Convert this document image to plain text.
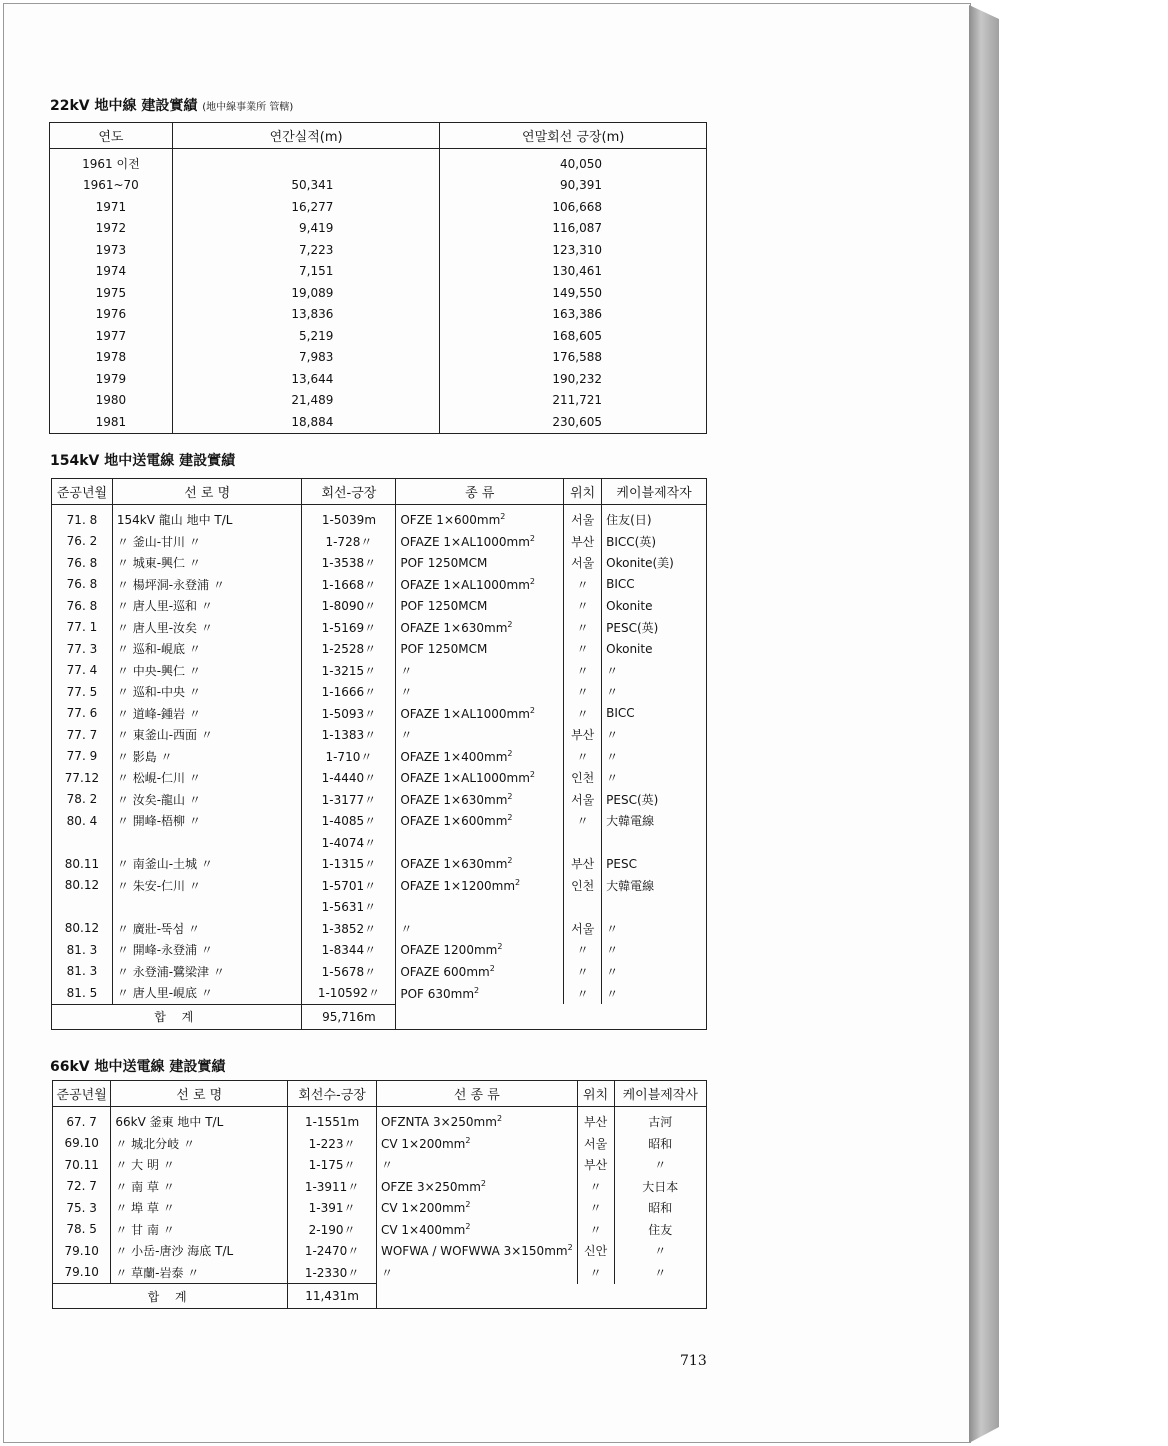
22kV 地中線 建設實績 (地中線事業所 管轄)
연도	연간실적(m)	연말회선 긍장(m)
1961 이전		40,050
1961~70	50,341	90,391
1971	16,277	106,668
1972	9,419	116,087
1973	7,223	123,310
1974	7,151	130,461
1975	19,089	149,550
1976	13,836	163,386
1977	5,219	168,605
1978	7,983	176,588
1979	13,644	190,232
1980	21,489	211,721
1981	18,884	230,605
154kV 地中送電線 建設實績
준공년월	선 로 명	회선-긍장	종 류	위치	케이블제작자
71. 8	154kV 龍山 地中 T/L	1-5039m	OFZE $1\times 600mm^2$	서울	住友(日)
76. 2	〃 釜山-甘川 〃	1-728〃	OFAZE $1\times AL1000mm^2$	부산	BICC(英)
76. 8	〃 城東-興仁 〃	1-3538〃	POF 1250MCM	서울	Okonite(美)
76. 8	〃 楊坪洞-永登浦 〃	1-1668〃	OFAZE $1\times AL1000mm^2$	〃	BICC
76. 8	〃 唐人里-巡和 〃	1-8090〃	POF 1250MCM	〃	Okonite
77. 1	〃 唐人里-汝矣 〃	1-5169〃	OFAZE $1\times 630mm^2$	〃	PESC(英)
77. 3	〃 巡和-峴底 〃	1-2528〃	POF 1250MCM	〃	Okonite
77. 4	〃 中央-興仁 〃	1-3215〃	〃	〃	〃
77. 5	〃 巡和-中央 〃	1-1666〃	〃	〃	〃
77. 6	〃 道峰-鍾岩 〃	1-5093〃	OFAZE $1\times AL1000mm^2$	〃	BICC
77. 7	〃 東釜山-西面 〃	1-1383〃	〃	부산	〃
77. 9	〃 影島 〃	1-710〃	OFAZE $1\times 400mm^2$	〃	〃
77.12	〃 松峴-仁川 〃	1-4440〃	OFAZE $1\times AL1000mm^2$	인천	〃
78. 2	〃 汝矣-龍山 〃	1-3177〃	OFAZE $1\times 630mm^2$	서울	PESC(英)
80. 4	〃 開峰-梧柳 〃	1-4085〃	OFAZE $1\times 600mm^2$	〃	大韓電線
		1-4074〃			
80.11	〃 南釜山-土城 〃	1-1315〃	OFAZE $1\times 630mm^2$	부산	PESC
80.12	〃 朱安-仁川 〃	1-5701〃	OFAZE $1\times 1200mm^2$	인천	大韓電線
		1-5631〃			
80.12	〃 廣壯-뚝섬 〃	1-3852〃	〃	서울	〃
81. 3	〃 開峰-永登浦 〃	1-8344〃	OFAZE $1200mm^2$	〃	〃
81. 3	〃 永登浦-鷺梁津 〃	1-5678〃	OFAZE $600mm^2$	〃	〃
81. 5	〃 唐人里-峴底 〃	1-10592〃	POF $630mm^2$	〃	〃
합 계		95,716m			
66kV 地中送電線 建設實績
준공년월	선 로 명	회선수-긍장	선 종 류	위치	케이블제작사
67. 7	66kV 釜東 地中 T/L	1-1551m	OFZNTA $3\times 250mm^2$	부산	古河
69.10	〃 城北分岐 〃	1-223〃	CV $1\times 200mm^2$	서울	昭和
70.11	〃 大 明 〃	1-175〃	〃	부산	〃
72. 7	〃 南 草 〃	1-3911〃	OFZE $3\times 250mm^2$	〃	大日本
75. 3	〃 埠 草 〃	1-391〃	CV $1\times 200mm^2$	〃	昭和
78. 5	〃 甘 南 〃	2-190〃	CV $1\times 400mm^2$	〃	住友
79.10	〃 小岳-唐沙 海底 T/L	1-2470〃	WOFWA / WOFWWA $3\times 150mm^2$	신안	〃
79.10	〃 草蘭-岩泰 〃	1-2330〃	〃	〃	〃
합 계		11,431m			
713
